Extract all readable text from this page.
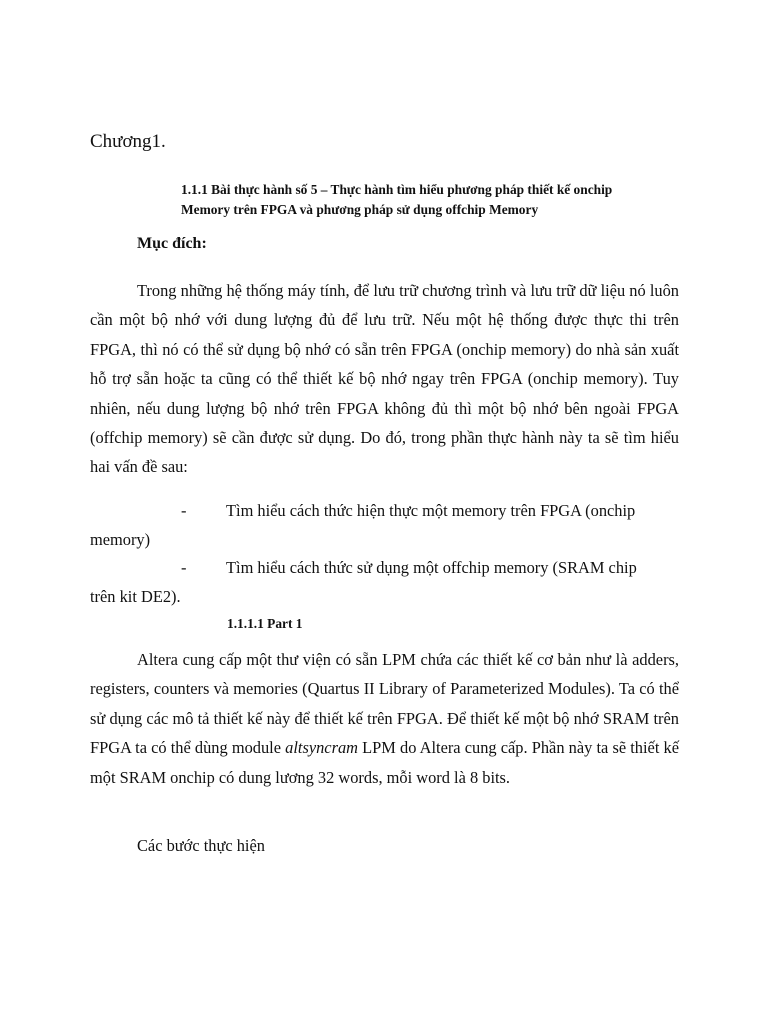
Chương1.
1.1.1 Bài thực hành số 5 – Thực hành tìm hiểu phương pháp thiết kế onchip
Memory trên FPGA và phương pháp sử dụng offchip Memory
Mục đích:

Trong những hệ thống máy tính, để lưu trữ chương trình và lưu trữ dữ liệu nó luôn cần một bộ nhớ với dung lượng đủ để lưu trữ. Nếu một hệ thống được thực thi trên FPGA, thì nó có thể sử dụng bộ nhớ có sẵn trên FPGA (onchip memory) do nhà sản xuất hỗ trợ sẵn hoặc ta cũng có thể thiết kế bộ nhớ ngay trên FPGA (onchip memory). Tuy nhiên, nếu dung lượng bộ nhớ trên FPGA không đủ thì một bộ nhớ bên ngoài FPGA (offchip memory) sẽ cần được sử dụng. Do đó, trong phần thực hành này ta sẽ tìm hiểu hai vấn đề sau:

-	Tìm hiểu cách thức hiện thực một memory trên FPGA (onchip
memory)
-	Tìm hiểu cách thức sử dụng một offchip memory (SRAM chip
trên kit DE2).
1.1.1.1 Part 1

Altera cung cấp một thư viện có sẵn LPM chứa các thiết kế cơ bản như là adders, registers, counters và memories (Quartus II Library of Parameterized Modules). Ta có thể sử dụng các mô tả thiết kế này để thiết kế trên FPGA. Để thiết kế một bộ nhớ SRAM trên FPGA ta có thể dùng module altsyncram LPM do Altera cung cấp. Phần này ta sẽ thiết kế một SRAM onchip có dung lương 32 words, mỗi word là 8 bits.

Các bước thực hiện
